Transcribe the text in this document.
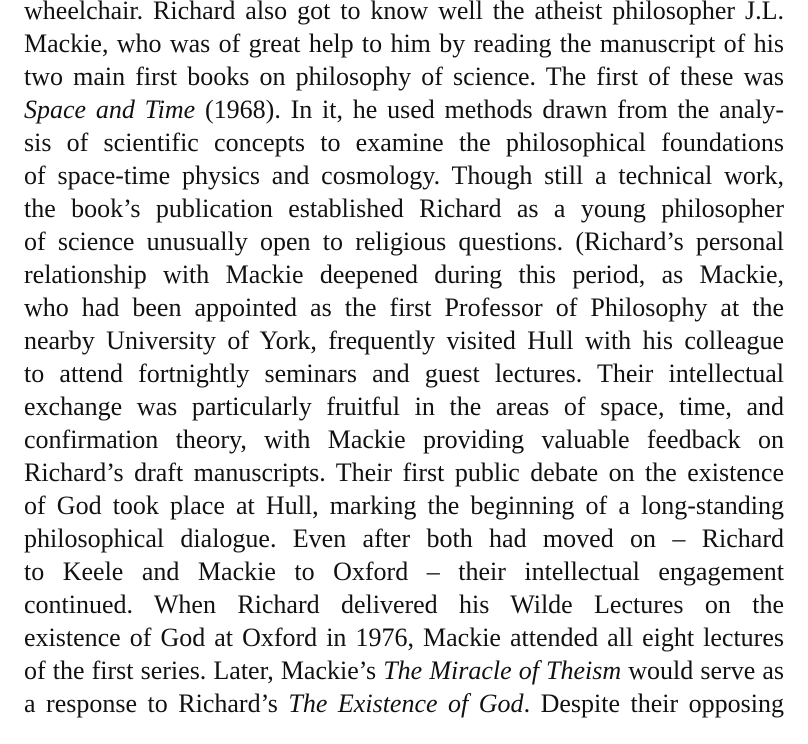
wheelchair. Richard also got to know well the atheist philosopher J.L.
Mackie, who was of great help to him by reading the manuscript of his
two main first books on philosophy of science. The first of these was
Space and Time (1968). In it, he used methods drawn from the analy-
sis of scientific concepts to examine the philosophical foundations
of space-time physics and cosmology. Though still a technical work,
the book’s publication established Richard as a young philosopher
of science unusually open to religious questions. (Richard’s personal
relationship with Mackie deepened during this period, as Mackie,
who had been appointed as the first Professor of Philosophy at the
nearby University of York, frequently visited Hull with his colleague
to attend fortnightly seminars and guest lectures. Their intellectual
exchange was particularly fruitful in the areas of space, time, and
confirmation theory, with Mackie providing valuable feedback on
Richard’s draft manuscripts. Their first public debate on the existence
of God took place at Hull, marking the beginning of a long-standing
philosophical dialogue. Even after both had moved on – Richard
to Keele and Mackie to Oxford – their intellectual engagement
continued. When Richard delivered his Wilde Lectures on the
existence of God at Oxford in 1976, Mackie attended all eight lectures
of the first series. Later, Mackie’s The Miracle of Theism would serve as
a response to Richard’s The Existence of God. Despite their opposing
